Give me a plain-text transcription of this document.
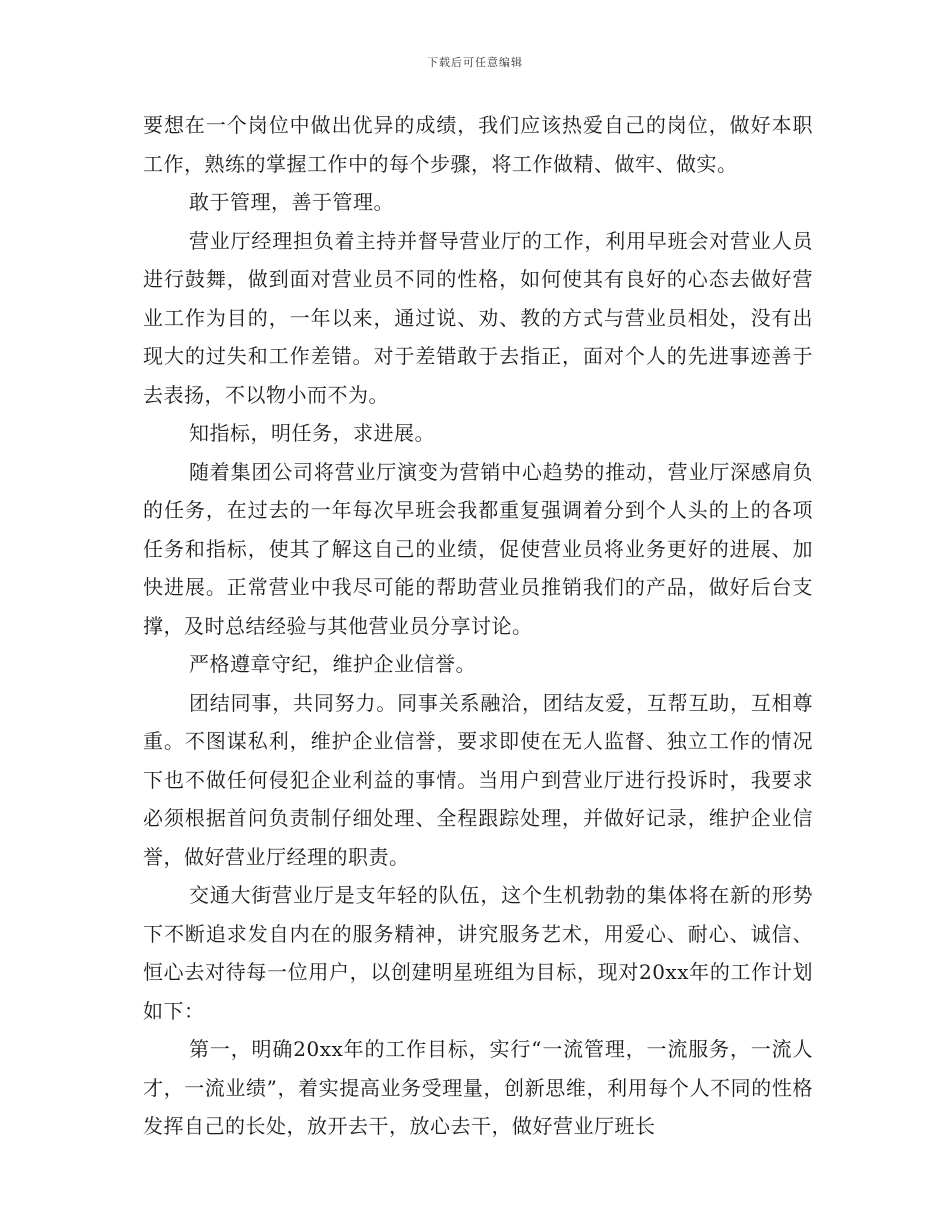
下载后可任意编辑

要想在一个岗位中做出优异的成绩，我们应该热爱自己的岗位，做好本职工作，熟练的掌握工作中的每个步骤，将工作做精、做牢、做实。

敢于管理，善于管理。

营业厅经理担负着主持并督导营业厅的工作，利用早班会对营业人员进行鼓舞，做到面对营业员不同的性格，如何使其有良好的心态去做好营业工作为目的，一年以来，通过说、劝、教的方式与营业员相处，没有出现大的过失和工作差错。对于差错敢于去指正，面对个人的先进事迹善于去表扬，不以物小而不为。

知指标，明任务，求进展。

随着集团公司将营业厅演变为营销中心趋势的推动，营业厅深感肩负的任务，在过去的一年每次早班会我都重复强调着分到个人头的上的各项任务和指标，使其了解这自己的业绩，促使营业员将业务更好的进展、加快进展。正常营业中我尽可能的帮助营业员推销我们的产品，做好后台支撑，及时总结经验与其他营业员分享讨论。

严格遵章守纪，维护企业信誉。

团结同事，共同努力。同事关系融洽，团结友爱，互帮互助，互相尊重。不图谋私利，维护企业信誉，要求即使在无人监督、独立工作的情况下也不做任何侵犯企业利益的事情。当用户到营业厅进行投诉时，我要求必须根据首问负责制仔细处理、全程跟踪处理，并做好记录，维护企业信誉，做好营业厅经理的职责。

交通大街营业厅是支年轻的队伍，这个生机勃勃的集体将在新的形势下不断追求发自内在的服务精神，讲究服务艺术，用爱心、耐心、诚信、恒心去对待每一位用户，以创建明星班组为目标，现对20xx年的工作计划如下：

第一，明确20xx年的工作目标，实行“一流管理，一流服务，一流人才，一流业绩”，着实提高业务受理量，创新思维，利用每个人不同的性格发挥自己的长处，放开去干，放心去干，做好营业厅班长
